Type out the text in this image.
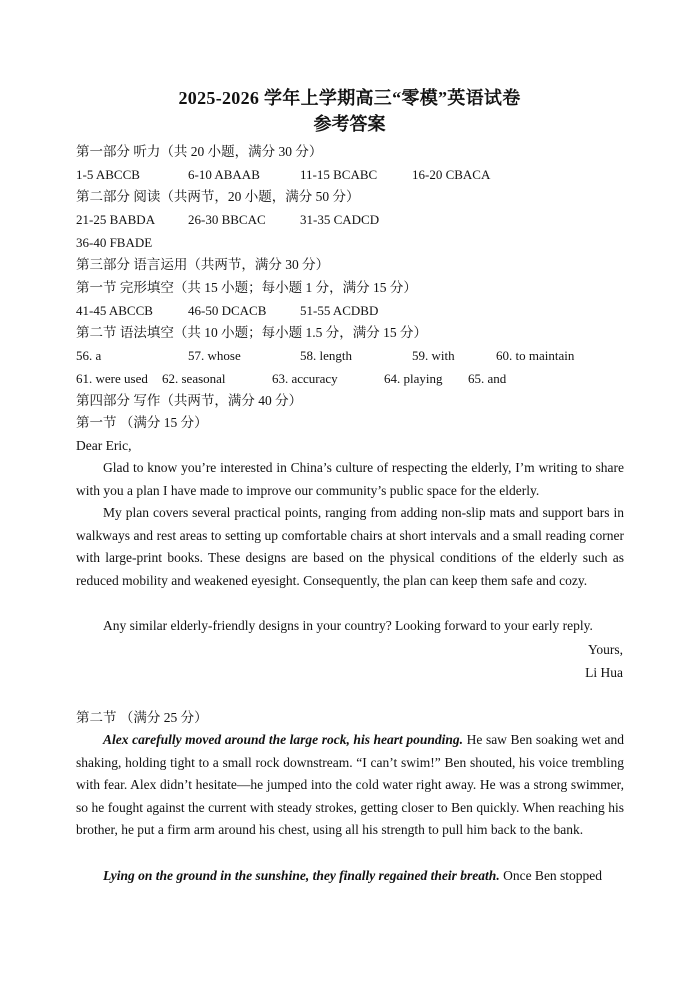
2025-2026 学年上学期高三“零模”英语试卷
参考答案
第一部分 听力（共 20 小题，满分 30 分）
1-5 ABCCB	6-10 ABAAB	11-15 BCABC	16-20 CBACA
第二部分 阅读（共两节，20 小题，满分 50 分）
21-25 BABDA	26-30 BBCAC	31-35 CADCD
36-40 FBADE
第三部分 语言运用（共两节，满分 30 分）
第一节 完形填空（共 15 小题；每小题 1 分，满分 15 分）
41-45 ABCCB	46-50 DCACB	51-55 ACDBD
第二节 语法填空（共 10 小题；每小题 1.5 分，满分 15 分）
56. a	57. whose	58. length	59. with	60. to maintain
61. were used 62. seasonal	63. accuracy	64. playing 65. and
第四部分 写作（共两节，满分 40 分）
第一节 （满分 15 分）
Dear Eric,
Glad to know you’re interested in China’s culture of respecting the elderly, I’m writing to share with you a plan I have made to improve our community’s public space for the elderly.
My plan covers several practical points, ranging from adding non-slip mats and support bars in walkways and rest areas to setting up comfortable chairs at short intervals and a small reading corner with large-print books. These designs are based on the physical conditions of the elderly such as reduced mobility and weakened eyesight. Consequently, the plan can keep them safe and cozy.
Any similar elderly-friendly designs in your country? Looking forward to your early reply.
Yours,
Li Hua
第二节 （满分 25 分）
Alex carefully moved around the large rock, his heart pounding. He saw Ben soaking wet and shaking, holding tight to a small rock downstream. “I can’t swim!” Ben shouted, his voice trembling with fear. Alex didn’t hesitate—he jumped into the cold water right away. He was a strong swimmer, so he fought against the current with steady strokes, getting closer to Ben quickly. When reaching his brother, he put a firm arm around his chest, using all his strength to pull him back to the bank.
Lying on the ground in the sunshine, they finally regained their breath. Once Ben stopped
